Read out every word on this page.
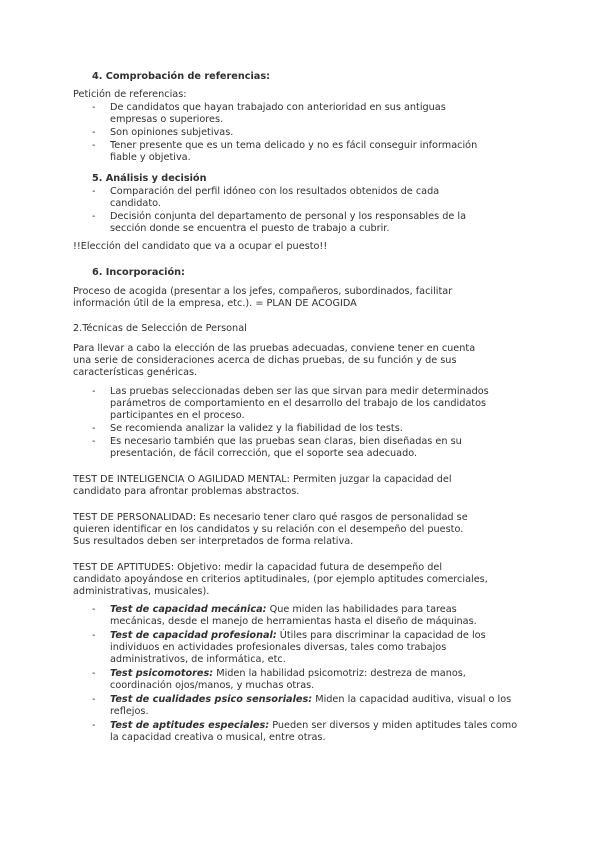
4. Comprobación de referencias:
Petición de referencias:
- De candidatos que hayan trabajado con anterioridad en sus antiguas
empresas o superiores.
- Son opiniones subjetivas.
- Tener presente que es un tema delicado y no es fácil conseguir información
fiable y objetiva.
5. Análisis y decisión
- Comparación del perfil idóneo con los resultados obtenidos de cada
candidato.
- Decisión conjunta del departamento de personal y los responsables de la
sección donde se encuentra el puesto de trabajo a cubrir.
!!Elección del candidato que va a ocupar el puesto!!
6. Incorporación:
Proceso de acogida (presentar a los jefes, compañeros, subordinados, facilitar
información útil de la empresa, etc.). = PLAN DE ACOGIDA
2.Técnicas de Selección de Personal
Para llevar a cabo la elección de las pruebas adecuadas, conviene tener en cuenta
una serie de consideraciones acerca de dichas pruebas, de su función y de sus
características genéricas.
- Las pruebas seleccionadas deben ser las que sirvan para medir determinados
parámetros de comportamiento en el desarrollo del trabajo de los candidatos
participantes en el proceso.
- Se recomienda analizar la validez y la fiabilidad de los tests.
- Es necesario también que las pruebas sean claras, bien diseñadas en su
presentación, de fácil corrección, que el soporte sea adecuado.
TEST DE INTELIGENCIA O AGILIDAD MENTAL: Permiten juzgar la capacidad del
candidato para afrontar problemas abstractos.
TEST DE PERSONALIDAD: Es necesario tener claro qué rasgos de personalidad se
quieren identificar en los candidatos y su relación con el desempeño del puesto.
Sus resultados deben ser interpretados de forma relativa.
TEST DE APTITUDES: Objetivo: medir la capacidad futura de desempeño del
candidato apoyándose en criterios aptitudinales, (por ejemplo aptitudes comerciales,
administrativas, musicales).
- Test de capacidad mecánica: Que miden las habilidades para tareas
mecánicas, desde el manejo de herramientas hasta el diseño de máquinas.
- Test de capacidad profesional: Útiles para discriminar la capacidad de los
individuos en actividades profesionales diversas, tales como trabajos
administrativos, de informática, etc.
- Test psicomotores: Miden la habilidad psicomotriz: destreza de manos,
coordinación ojos/manos, y muchas otras.
- Test de cualidades psico sensoriales: Miden la capacidad auditiva, visual o los
reflejos.
- Test de aptitudes especiales: Pueden ser diversos y miden aptitudes tales como
la capacidad creativa o musical, entre otras.
